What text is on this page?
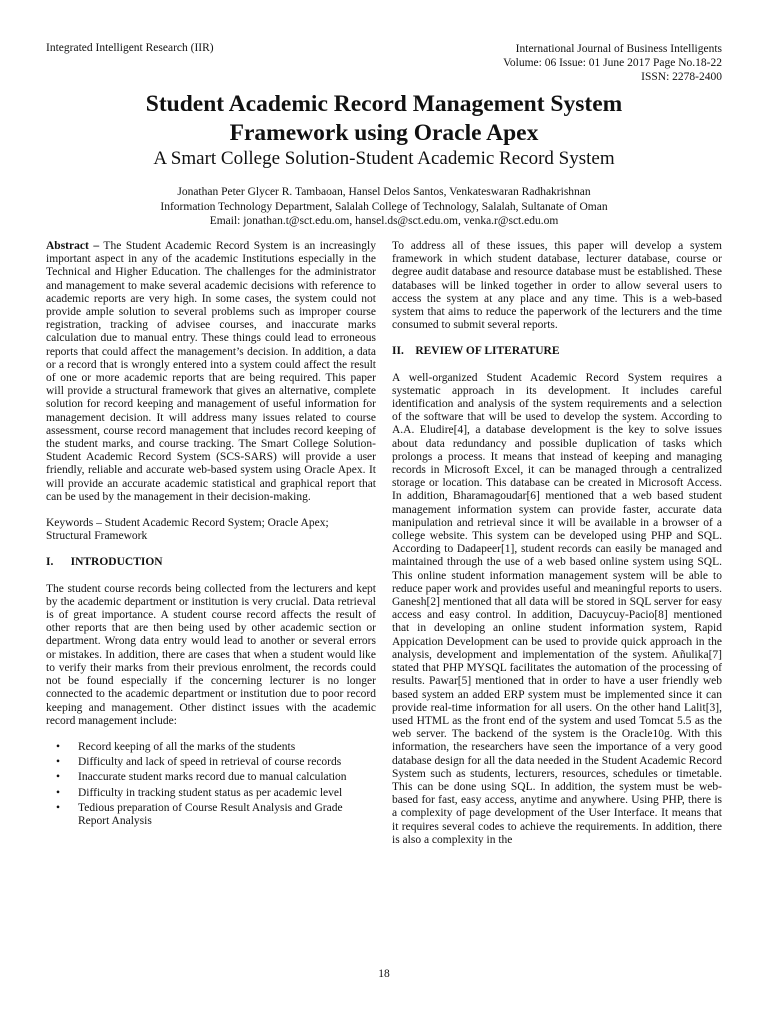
Integrated Intelligent Research (IIR)	International Journal of Business Intelligents
Volume: 06 Issue: 01 June 2017 Page No.18-22
ISSN: 2278-2400
Student Academic Record Management System
Framework using Oracle Apex
A Smart College Solution-Student Academic Record System
Jonathan Peter Glycer R. Tambaoan, Hansel Delos Santos, Venkateswaran Radhakrishnan
Information Technology Department, Salalah College of Technology, Salalah, Sultanate of Oman
Email: jonathan.t@sct.edu.om, hansel.ds@sct.edu.om, venka.r@sct.edu.om

Abstract – The Student Academic Record System is an increasingly important aspect in any of the academic Institutions especially in the Technical and Higher Education. The challenges for the administrator and management to make several academic decisions with reference to academic reports are very high. In some cases, the system could not provide ample solution to several problems such as improper course registration, tracking of advisee courses, and inaccurate marks calculation due to manual entry. These things could lead to erroneous reports that could affect the management’s decision. In addition, a data or a record that is wrongly entered into a system could affect the result of one or more academic reports that are being required. This paper will provide a structural framework that gives an alternative, complete solution for record keeping and management of useful information for management decision. It will address many issues related to course assessment, course record management that includes record keeping of the student marks, and course tracking. The Smart College Solution-Student Academic Record System (SCS-SARS) will provide a user friendly, reliable and accurate web-based system using Oracle Apex. It will provide an accurate academic statistical and graphical report that can be used by the management in their decision-making.

Keywords – Student Academic Record System; Oracle Apex; Structural Framework

I.      INTRODUCTION

The student course records being collected from the lecturers and kept by the academic department or institution is very crucial. Data retrieval is of great importance. A student course record affects the result of other reports that are then being used by other academic section or department. Wrong data entry would lead to another or several errors or mistakes. In addition, there are cases that when a student would like to verify their marks from their previous enrolment, the records could not be found especially if the concerning lecturer is no longer connected to the academic department or institution due to poor record keeping and management. Other distinct issues with the academic record management include:

• Record keeping of all the marks of the students
• Difficulty and lack of speed in retrieval of course records
• Inaccurate student marks record due to manual calculation
• Difficulty in tracking student status as per academic level
• Tedious preparation of Course Result Analysis and Grade Report Analysis

To address all of these issues, this paper will develop a system framework in which student database, lecturer database, course or degree audit database and resource database must be established. These databases will be linked together in order to allow several users to access the system at any place and any time. This is a web-based system that aims to reduce the paperwork of the lecturers and the time consumed to submit several reports.

II.    REVIEW OF LITERATURE

A well-organized Student Academic Record System requires a systematic approach in its development. It includes careful identification and analysis of the system requirements and a selection of the software that will be used to develop the system. According to A.A. Eludire[4], a database development is the key to solve issues about data redundancy and possible duplication of tasks which prolongs a process. It means that instead of keeping and managing records in Microsoft Excel, it can be managed through a centralized storage or location. This database can be created in Microsoft Access. In addition, Bharamagoudar[6] mentioned that a web based student management information system can provide faster, accurate data manipulation and retrieval since it will be available in a browser of a college website. This system can be developed using PHP and SQL. According to Dadapeer[1], student records can easily be managed and maintained through the use of a web based online system using SQL. This online student information management system will be able to reduce paper work and provides useful and meaningful reports to users. Ganesh[2] mentioned that all data will be stored in SQL server for easy access and easy control. In addition, Dacuycuy-Pacio[8] mentioned that in developing an online student information system, Rapid Appication Development can be used to provide quick approach in the analysis, development and implementation of the system. Añulika[7] stated that PHP MYSQL facilitates the automation of the processing of results. Pawar[5] mentioned that in order to have a user friendly web based system an added ERP system must be implemented since it can provide real-time information for all users. On the other hand Lalit[3], used HTML as the front end of the system and used Tomcat 5.5 as the web server. The backend of the system is the Oracle10g. With this information, the researchers have seen the importance of a very good database design for all the data needed in the Student Academic Record System such as students, lecturers, resources, schedules or timetable. This can be done using SQL. In addition, the system must be web-based for fast, easy access, anytime and anywhere. Using PHP, there is a complexity of page development of the User Interface. It means that it requires several codes to achieve the requirements. In addition, there is also a complexity in the

18
